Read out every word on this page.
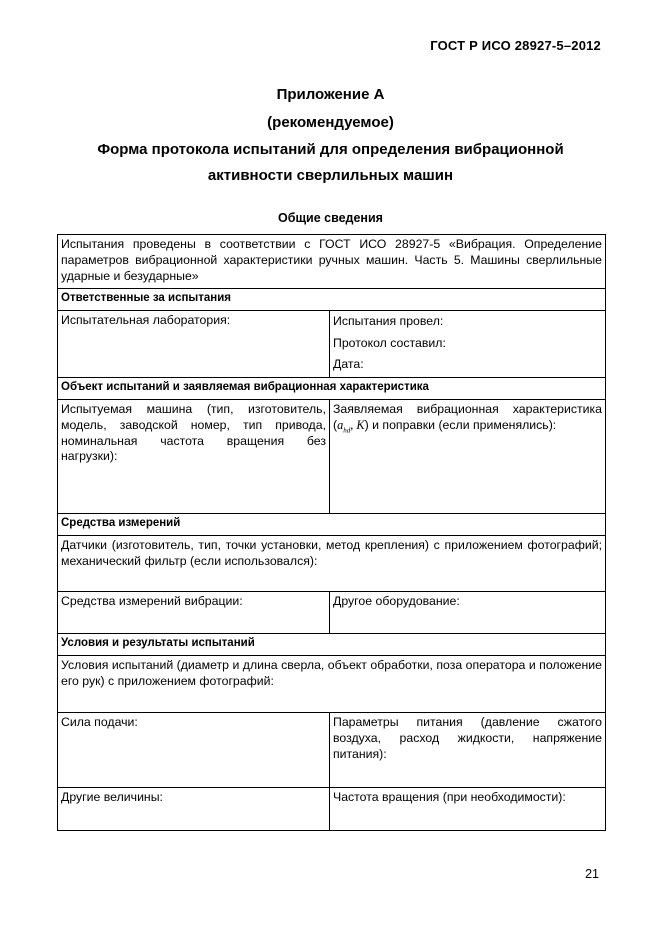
ГОСТ Р ИСО 28927-5–2012
Приложение А
(рекомендуемое)
Форма протокола испытаний для определения вибрационной
активности сверлильных машин
Общие сведения
Испытания проведены в соответствии с ГОСТ ИСО 28927-5 «Вибрация. Определение параметров вибрационной характеристики ручных машин. Часть 5. Машины сверлильные ударные и безударные»	
Ответственные за испытания	
Испытательная лаборатория:	Испытания провел:
Протокол составил:
Дата:

Объект испытаний и заявляемая вибрационная характеристика	
Испытуемая машина (тип, изготовитель, модель, заводской номер, тип привода, номинальная частота вращения без нагрузки):	Заявляемая вибрационная характеристика ($a_{hd}$, K) и поправки (если применялись):
Средства измерений	
Датчики (изготовитель, тип, точки установки, метод крепления) с приложением фотографий; механический фильтр (если использовался):	
Средства измерений вибрации:	Другое оборудование:
Условия и результаты испытаний	
Условия испытаний (диаметр и длина сверла, объект обработки, поза оператора и положение его рук) с приложением фотографий:	
Сила подачи:	Параметры питания (давление сжатого воздуха, расход жидкости, напряжение питания):
Другие величины:	Частота вращения (при необходимости):
21
